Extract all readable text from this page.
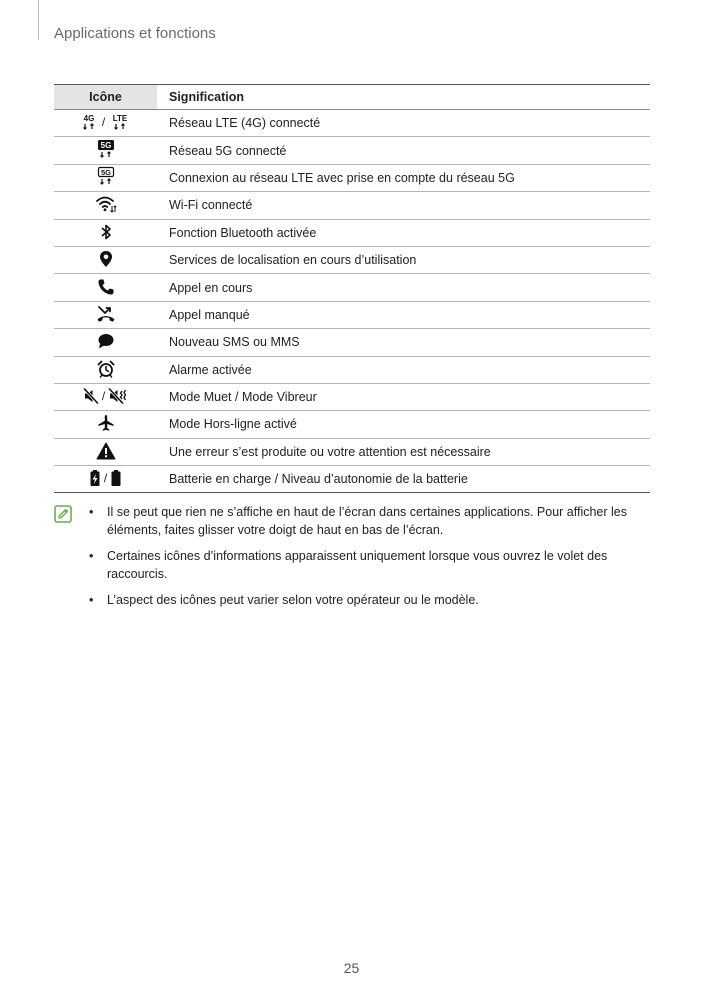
Applications et fonctions
Icône	Signification

4G / LTE	Réseau LTE (4G) connecté

5G	Réseau 5G connecté

5G	Connexion au réseau LTE avec prise en compte du réseau 5G

	Wi-Fi connecté

	Fonction Bluetooth activée

	Services de localisation en cours d’utilisation

	Appel en cours

	Appel manqué

	Nouveau SMS ou MMS

	Alarme activée

/	Mode Muet / Mode Vibreur

	Mode Hors-ligne activé

	Une erreur s’est produite ou votre attention est nécessaire

/	Batterie en charge / Niveau d’autonomie de la batterie
• Il se peut que rien ne s’affiche en haut de l’écran dans certaines applications. Pour afficher les éléments, faites glisser votre doigt de haut en bas de l’écran.
• Certaines icônes d’informations apparaissent uniquement lorsque vous ouvrez le volet des raccourcis.
• L’aspect des icônes peut varier selon votre opérateur ou le modèle.
25
